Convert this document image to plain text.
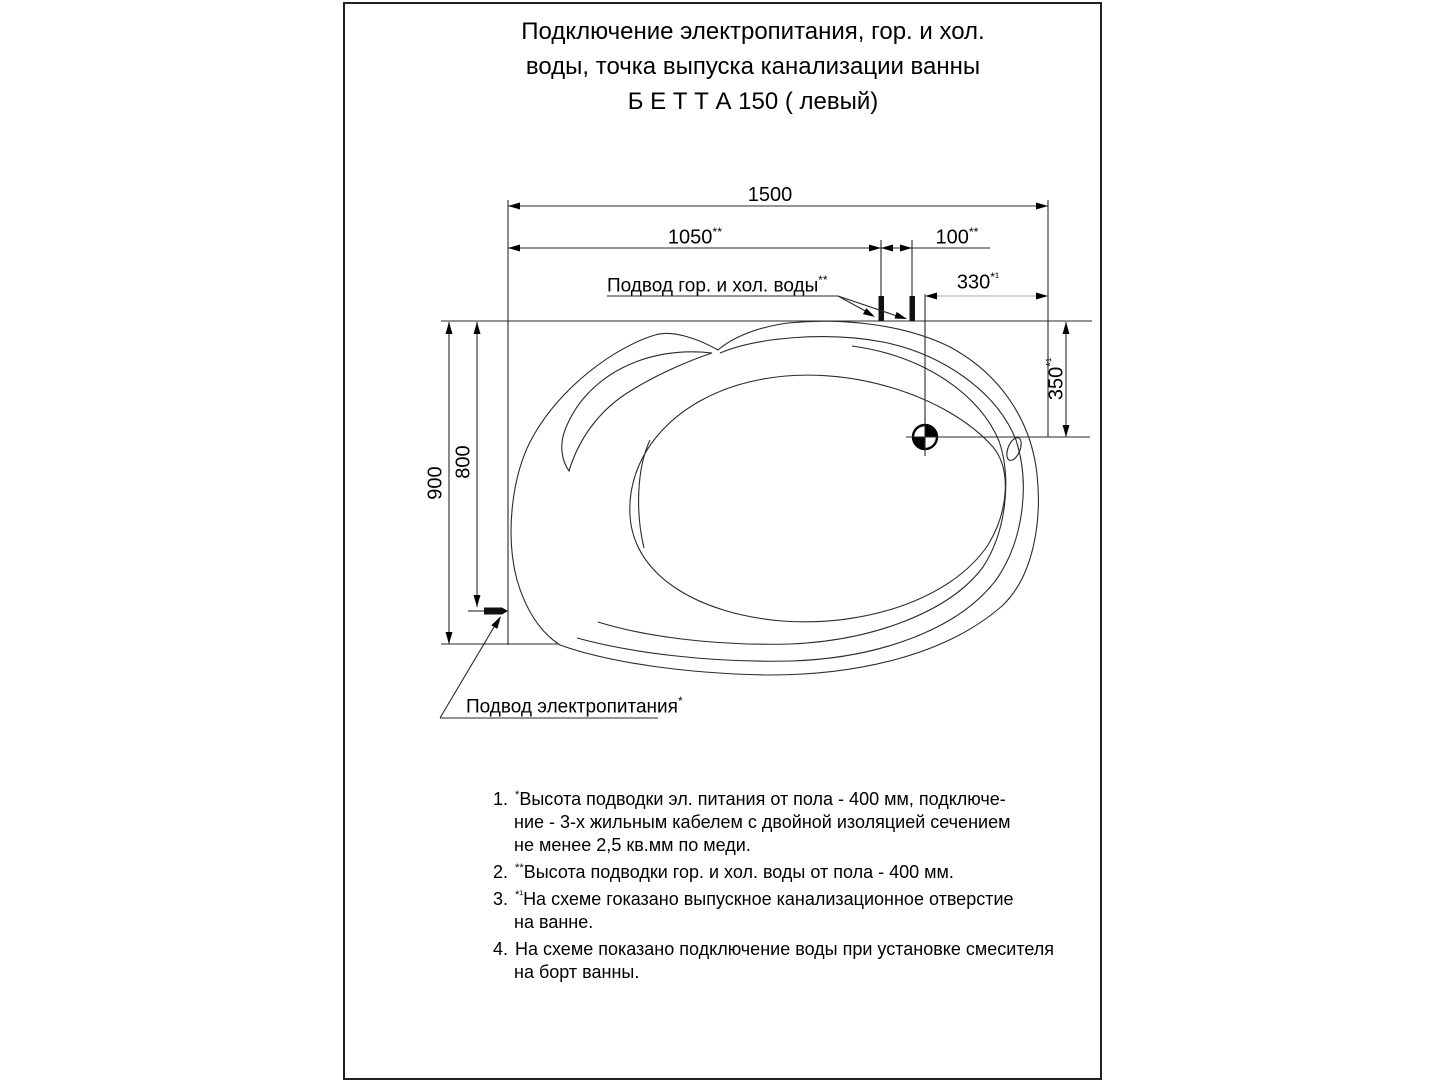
Подключение электропитания, гор. и хол.
воды, точка выпуска канализации ванны
Б Е Т Т А 150 ( левый)
1500
1050**	100**
$330^{*^1}$
$350^{*^1}$
900
800
Подвод гор. и хол. воды**
Подвод электропитания*
1. *Высота подводки эл. питания от пола - 400 мм, подключе-
ние - 3-х жильным кабелем с двойной изоляцией сечением
не менее 2,5 кв.мм по меди.
2. **Высота подводки гор. и хол. воды от пола - 400 мм.
3. $^{*^1}$На схеме гоказано выпускное канализационное отверстие
на ванне.
4. На схеме показано подключение воды при установке смесителя
на борт ванны.
